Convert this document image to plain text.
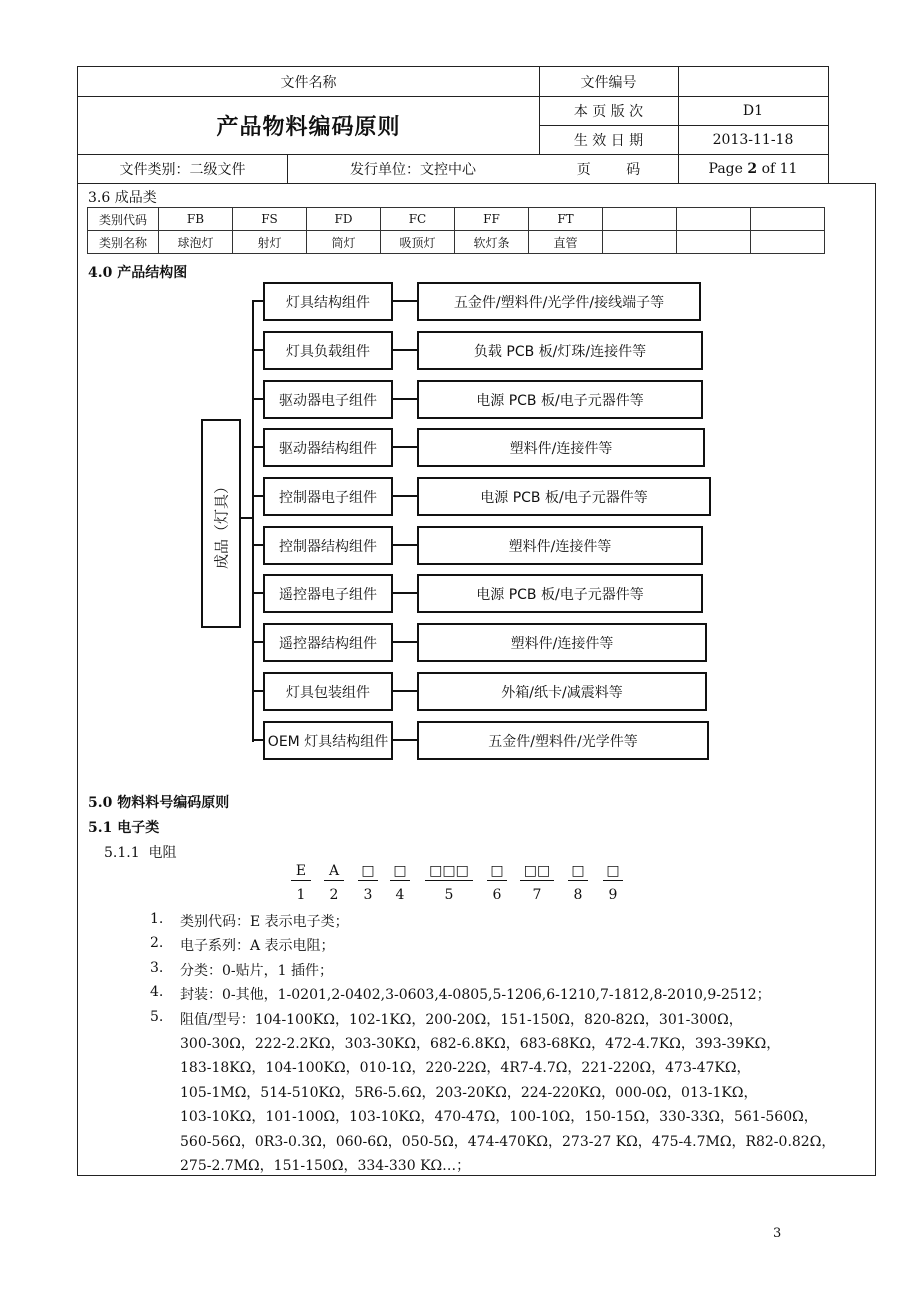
文件名称	文件编号
产品物料编码原则
本 页 版 次	D1
生 效 日 期	2013-11-18
文件类别：二级文件	发行单位：文控中心	页        码	Page 2 of 11
3.6 成品类
类别代码	FB	FS	FD	FC	FF	FT			
类别名称	球泡灯	射灯	筒灯	吸顶灯	软灯条	直管			
4.0 产品结构图
成品（灯具）
灯具结构组件	五金件/塑料件/光学件/接线端子等
灯具负载组件	负载 PCB 板/灯珠/连接件等
驱动器电子组件	电源 PCB 板/电子元器件等
驱动器结构组件	塑料件/连接件等
控制器电子组件	电源 PCB 板/电子元器件等
控制器结构组件	塑料件/连接件等
遥控器电子组件	电源 PCB 板/电子元器件等
遥控器结构组件	塑料件/连接件等
灯具包装组件	外箱/纸卡/减震料等
OEM 灯具结构组件	五金件/塑料件/光学件等
5.0 物料料号编码原则
5.1 电子类
5.1.1  电阻
E
1
A
2
□
3
□
4
□□□
5
□
6
□□
7
□
8
□
9
1. 类别代码：E 表示电子类；
2. 电子系列：A 表示电阻；
3. 分类：0-贴片，1 插件；
4. 封装：0-其他，1-0201,2-0402,3-0603,4-0805,5-1206,6-1210,7-1812,8-2010,9-2512；
5. 阻值/型号：104-100KΩ，102-1KΩ，200-20Ω，151-150Ω，820-82Ω，301-300Ω，
300-30Ω，222-2.2KΩ，303-30KΩ，682-6.8KΩ，683-68KΩ，472-4.7KΩ，393-39KΩ，
183-18KΩ，104-100KΩ，010-1Ω，220-22Ω，4R7-4.7Ω，221-220Ω，473-47KΩ，
105-1MΩ，514-510KΩ，5R6-5.6Ω，203-20KΩ，224-220KΩ，000-0Ω，013-1KΩ，
103-10KΩ，101-100Ω，103-10KΩ，470-47Ω，100-10Ω，150-15Ω，330-33Ω，561-560Ω，
560-56Ω，0R3-0.3Ω，060-6Ω，050-5Ω，474-470KΩ，273-27 KΩ，475-4.7MΩ，R82-0.82Ω，
275-2.7MΩ，151-150Ω，334-330 KΩ…；
3
